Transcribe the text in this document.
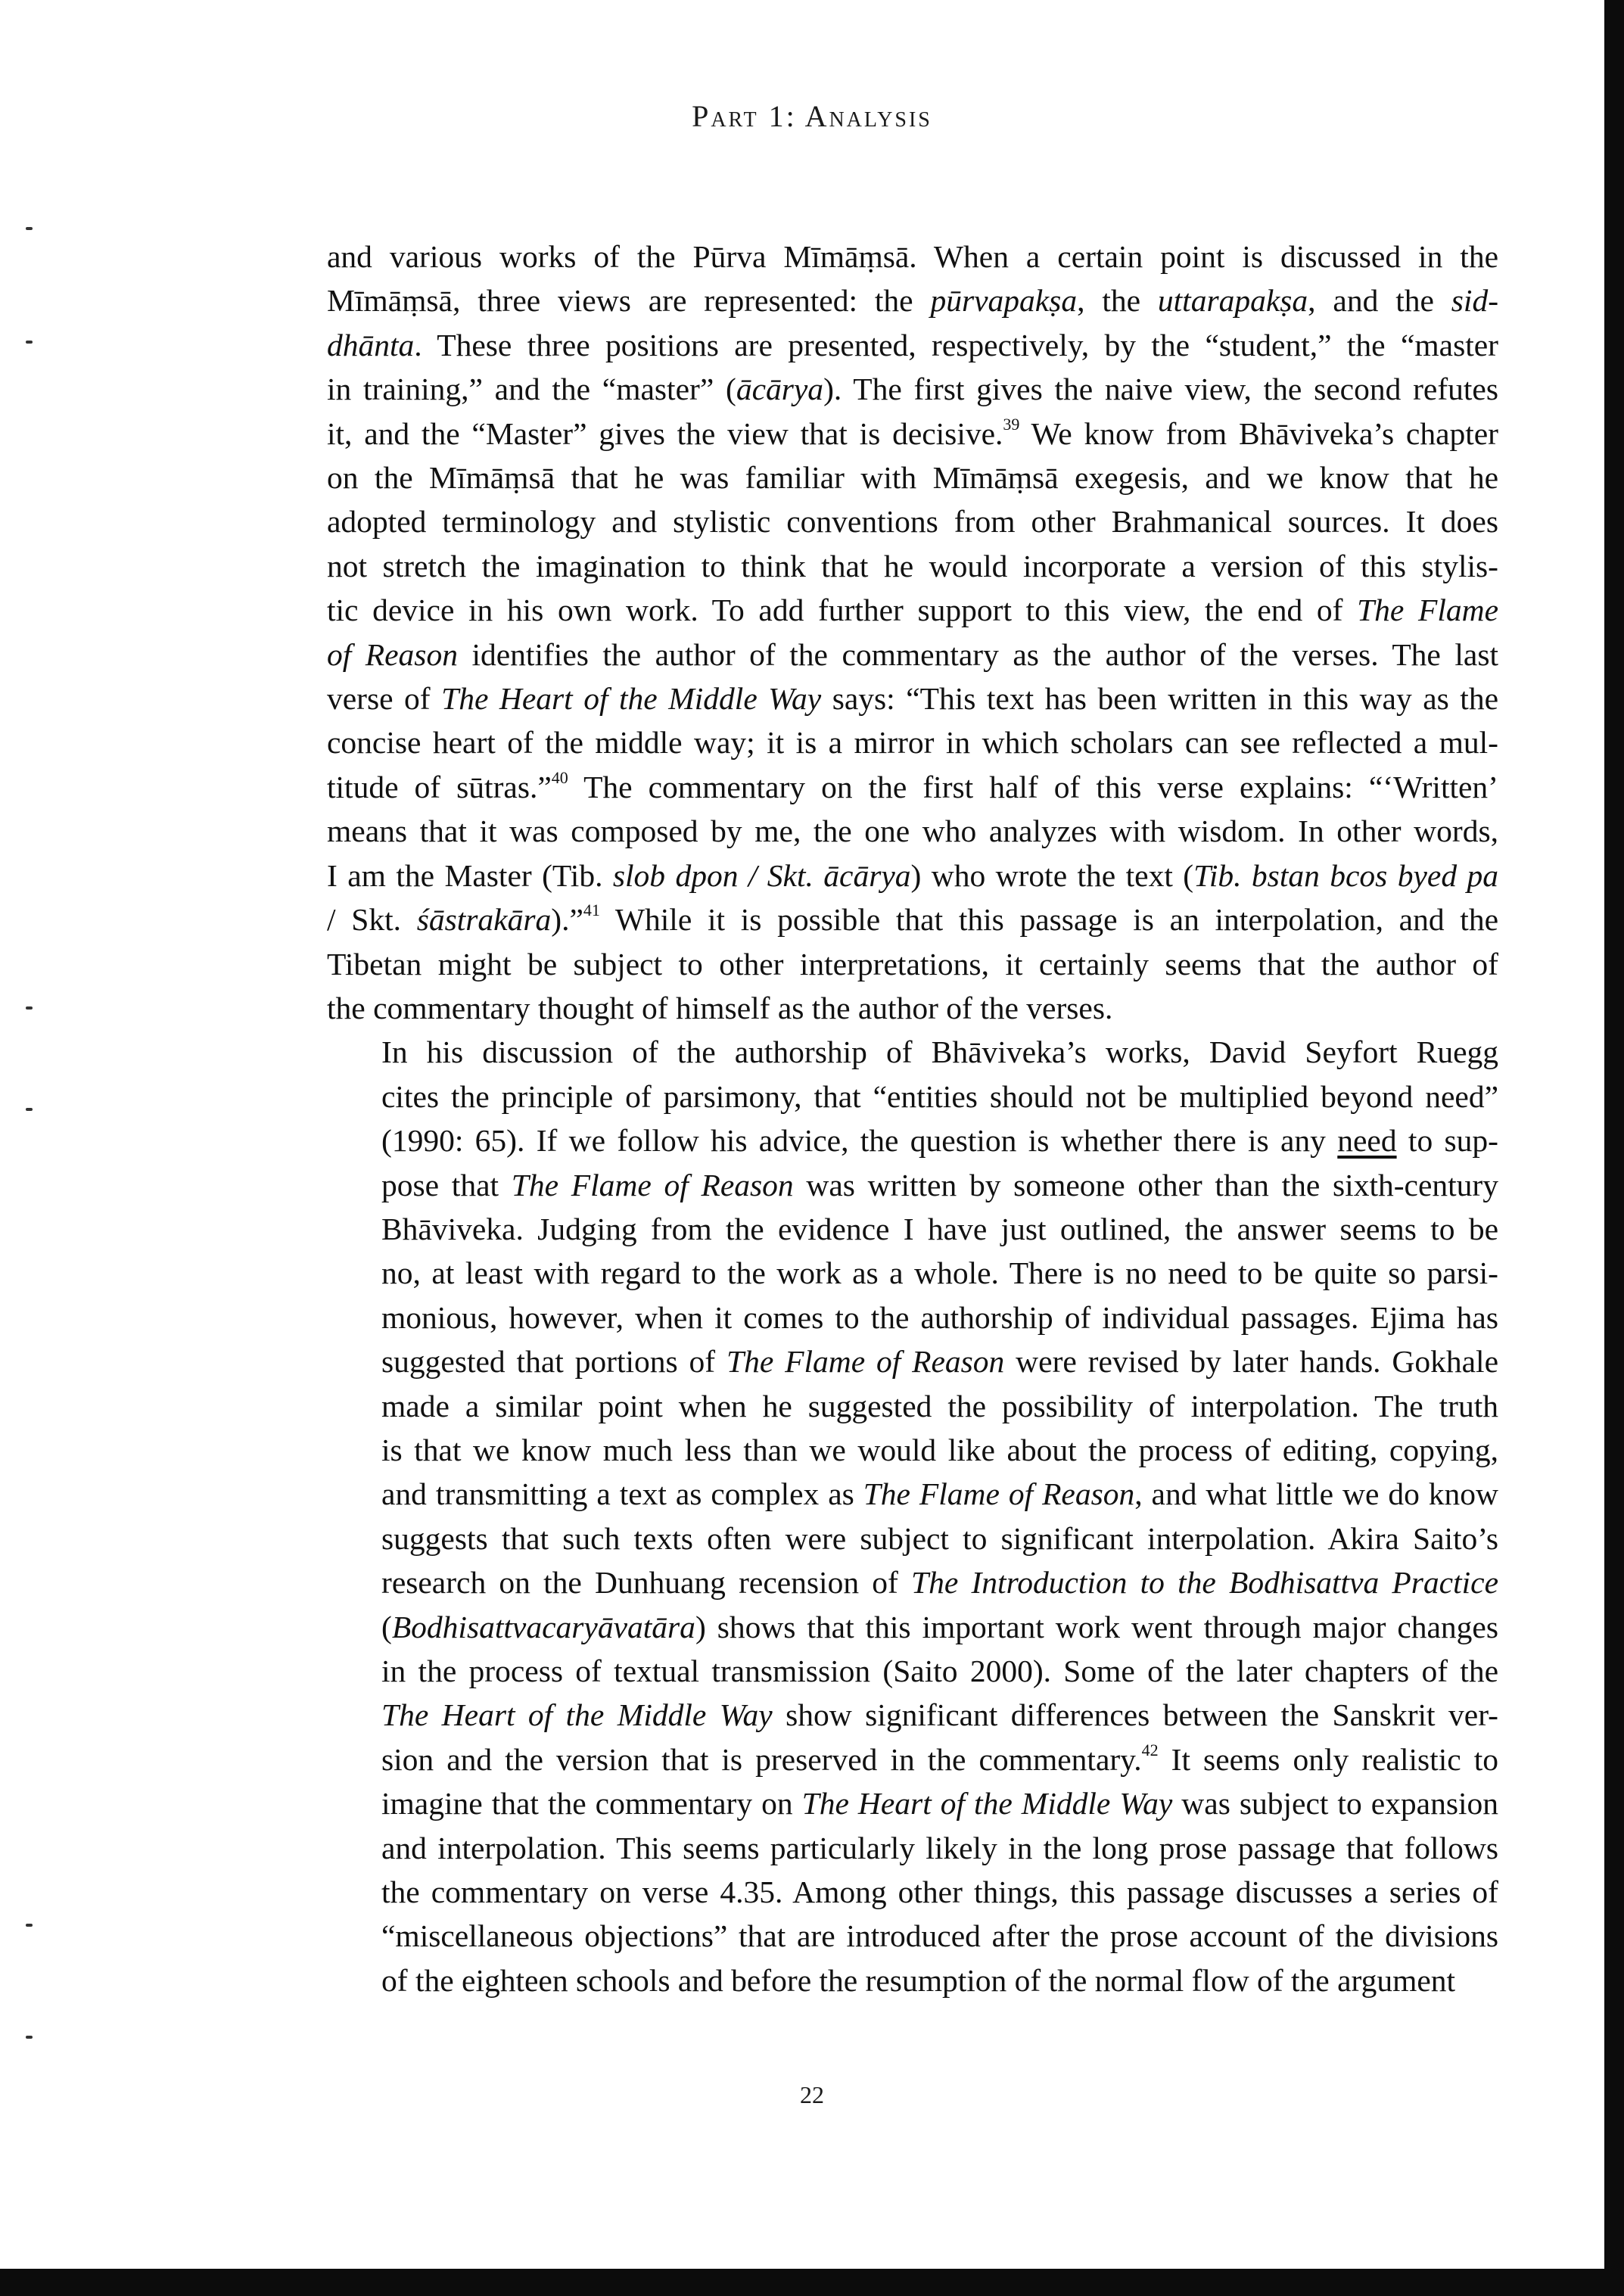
Part 1: Analysis

and various works of the Pūrva Mīmāṃsā. When a certain point is discussed in the
Mīmāṃsā, three views are represented: the pūrvapakṣa, the uttarapakṣa, and the sid-
dhānta. These three positions are presented, respectively, by the “student,” the “master
in training,” and the “master” (ācārya). The first gives the naive view, the second refutes
it, and the “Master” gives the view that is decisive.$^{39}$ We know from Bhāviveka’s chapter
on the Mīmāṃsā that he was familiar with Mīmāṃsā exegesis, and we know that he
adopted terminology and stylistic conventions from other Brahmanical sources. It does
not stretch the imagination to think that he would incorporate a version of this stylis-
tic device in his own work. To add further support to this view, the end of The Flame
of Reason identifies the author of the commentary as the author of the verses. The last
verse of The Heart of the Middle Way says: “This text has been written in this way as the
concise heart of the middle way; it is a mirror in which scholars can see reflected a mul-
titude of sūtras.”$^{40}$ The commentary on the first half of this verse explains: “‘Written’
means that it was composed by me, the one who analyzes with wisdom. In other words,
I am the Master (Tib. slob dpon / Skt. ācārya) who wrote the text (Tib. bstan bcos byed pa
/ Skt. śāstrakāra).”$^{41}$ While it is possible that this passage is an interpolation, and the
Tibetan might be subject to other interpretations, it certainly seems that the author of
the commentary thought of himself as the author of the verses.

In his discussion of the authorship of Bhāviveka’s works, David Seyfort Ruegg
cites the principle of parsimony, that “entities should not be multiplied beyond need”
(1990: 65). If we follow his advice, the question is whether there is any need to sup-
pose that The Flame of Reason was written by someone other than the sixth-century
Bhāviveka. Judging from the evidence I have just outlined, the answer seems to be
no, at least with regard to the work as a whole. There is no need to be quite so parsi-
monious, however, when it comes to the authorship of individual passages. Ejima has
suggested that portions of The Flame of Reason were revised by later hands. Gokhale
made a similar point when he suggested the possibility of interpolation. The truth
is that we know much less than we would like about the process of editing, copying,
and transmitting a text as complex as The Flame of Reason, and what little we do know
suggests that such texts often were subject to significant interpolation. Akira Saito’s
research on the Dunhuang recension of The Introduction to the Bodhisattva Practice
(Bodhisattvacaryāvatāra) shows that this important work went through major changes
in the process of textual transmission (Saito 2000). Some of the later chapters of the
The Heart of the Middle Way show significant differences between the Sanskrit ver-
sion and the version that is preserved in the commentary.$^{42}$ It seems only realistic to
imagine that the commentary on The Heart of the Middle Way was subject to expansion
and interpolation. This seems particularly likely in the long prose passage that follows
the commentary on verse 4.35. Among other things, this passage discusses a series of
“miscellaneous objections” that are introduced after the prose account of the divisions
of the eighteen schools and before the resumption of the normal flow of the argument

22
